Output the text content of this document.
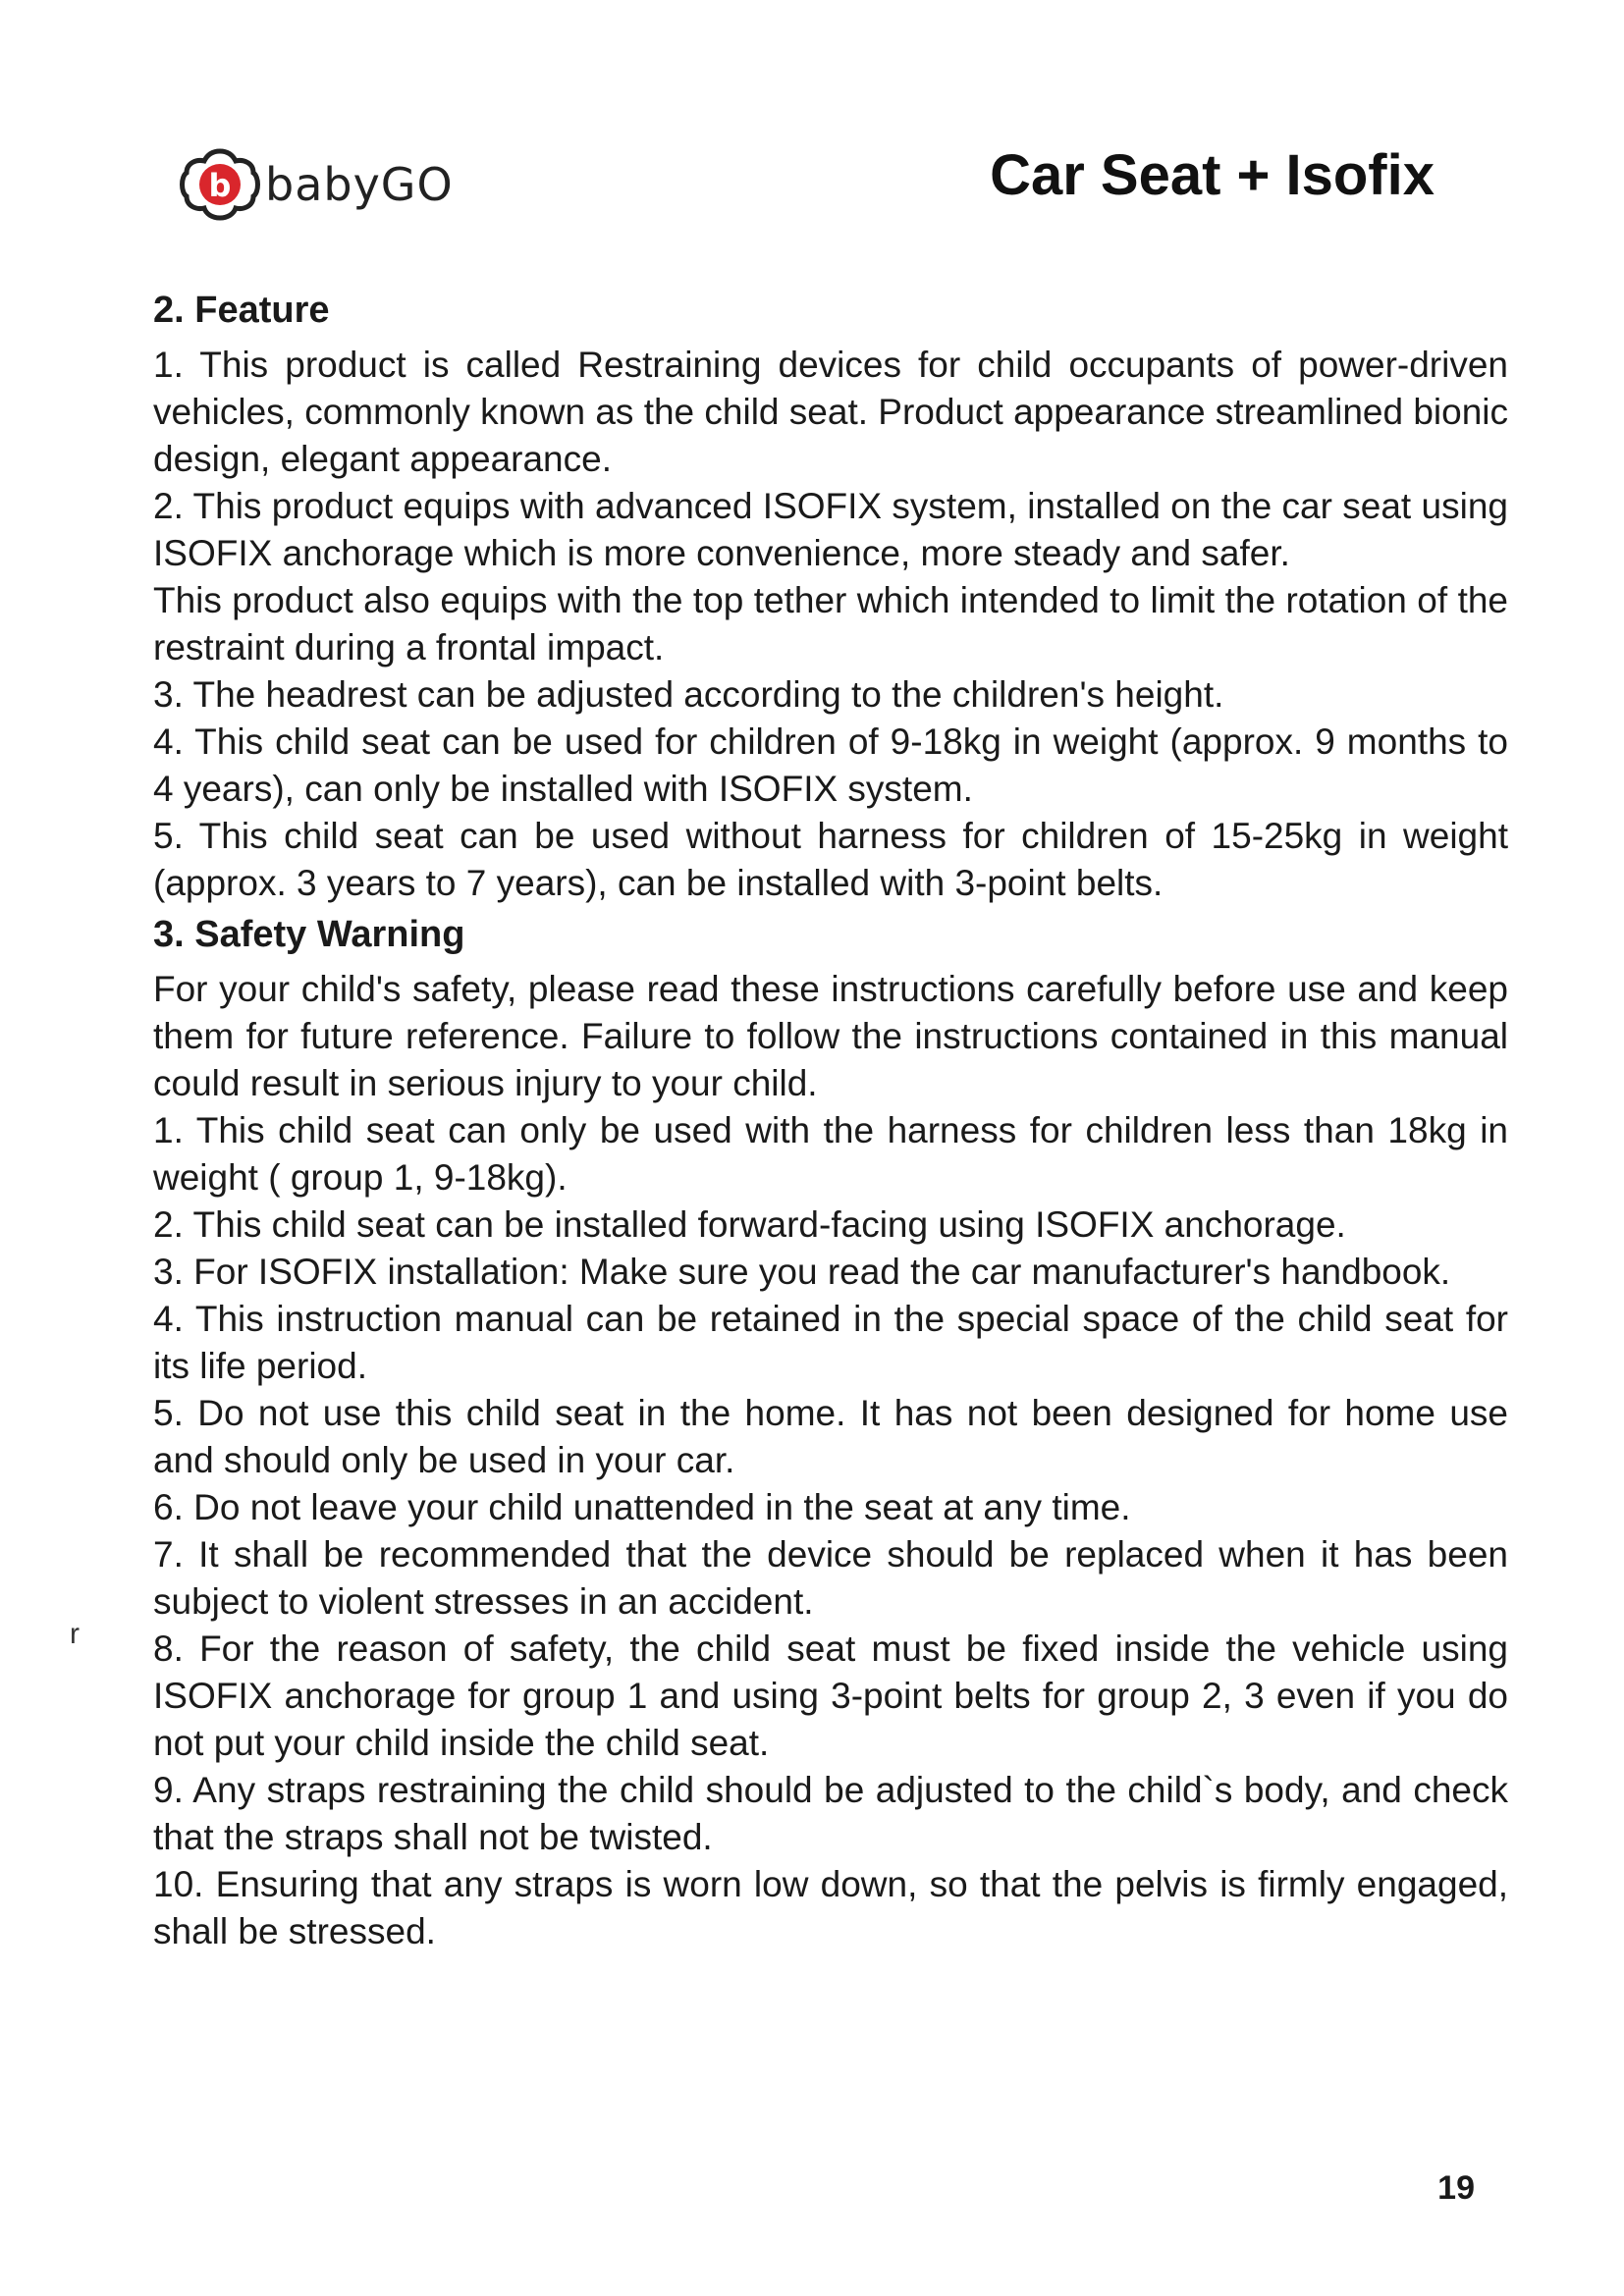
b babyGO	Car Seat + Isofix
2. Feature
1. This product is called Restraining devices for child occupants of power-driven vehicles, commonly known as the child seat. Product appearance streamlined bionic design, elegant appearance.
2. This product equips with advanced ISOFIX system, installed on the car seat using ISOFIX anchorage which is more convenience, more steady and safer.
This product also equips with the top tether which intended to limit the rotation of the restraint during a frontal impact.
3. The headrest can be adjusted according to the children's height.
4. This child seat can be used for children of 9-18kg in weight (approx. 9 months to 4 years), can only be installed with ISOFIX system.
5. This child seat can be used without harness for children of 15-25kg in weight (approx. 3 years to 7 years), can be installed with 3-point belts.
3. Safety Warning

For your child's safety, please read these instructions carefully before use and keep them for future reference. Failure to follow the instructions contained in this manual could result in serious injury to your child.

1. This child seat can only be used with the harness for children less than 18kg in weight ( group 1, 9-18kg).
2. This child seat can be installed forward-facing using ISOFIX anchorage.
3. For ISOFIX installation: Make sure you read the car manufacturer's handbook.
4. This instruction manual can be retained in the special space of the child seat for its life period.
5. Do not use this child seat in the home. It has not been designed for home use and should only be used in your car.
6. Do not leave your child unattended in the seat at any time.
7. It shall be recommended that the device should be replaced when it has been subject to violent stresses in an accident.
8. For the reason of safety, the child seat must be fixed inside the vehicle using ISOFIX anchorage for group 1 and using 3-point belts for group 2, 3 even if you do not put your child inside the child seat.
9. Any straps restraining the child should be adjusted to the child`s body, and check that the straps shall not be twisted.
10. Ensuring that any straps is worn low down, so that the pelvis is firmly engaged, shall be stressed.
r
19
